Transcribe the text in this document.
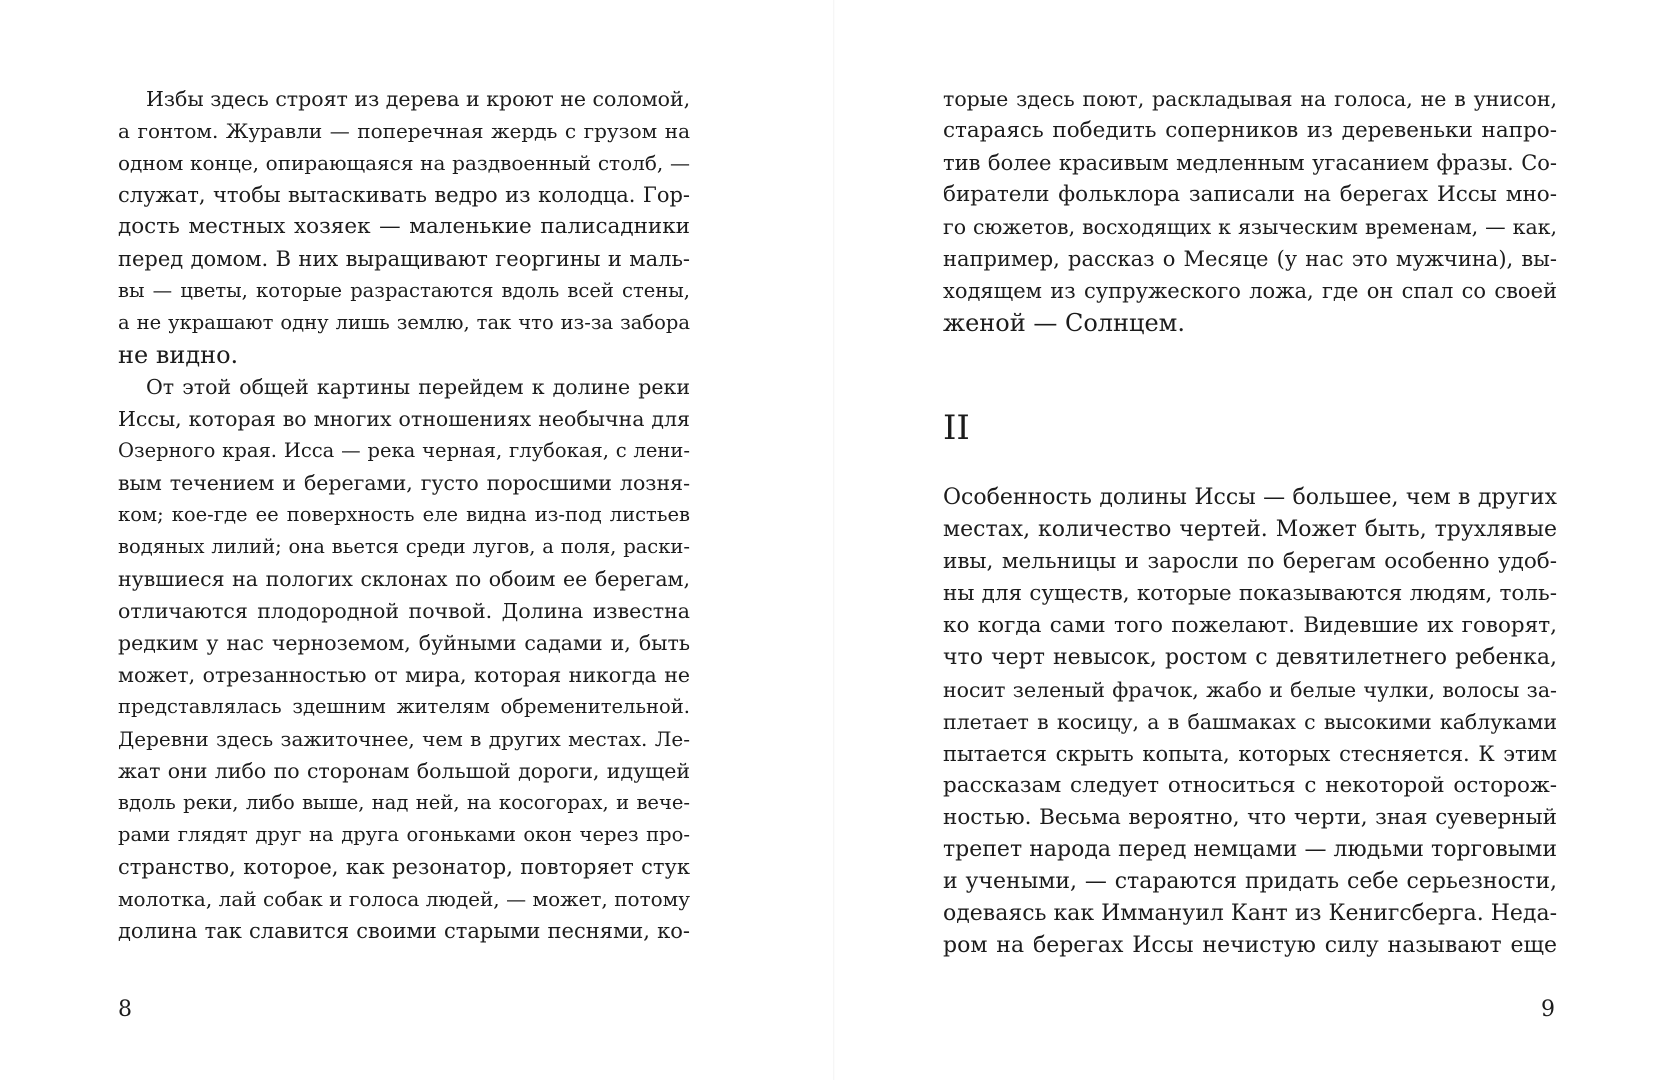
Избы здесь строят из дерева и кроют не соломой,
а гонтом. Журавли — поперечная жердь с грузом на
одном конце, опирающаяся на раздвоенный столб, —
служат, чтобы вытаскивать ведро из колодца. Гор-
дость местных хозяек — маленькие палисадники
перед домом. В них выращивают георгины и маль-
вы — цветы, которые разрастаются вдоль всей стены,
а не украшают одну лишь землю, так что из-за забора
не видно.
От этой общей картины перейдем к долине реки
Иссы, которая во многих отношениях необычна для
Озерного края. Исса — река черная, глубокая, с лени-
вым течением и берегами, густо поросшими лозня-
ком; кое-где ее поверхность еле видна из-под листьев
водяных лилий; она вьется среди лугов, а поля, раски-
нувшиеся на пологих склонах по обоим ее берегам,
отличаются плодородной почвой. Долина известна
редким у нас черноземом, буйными садами и, быть
может, отрезанностью от мира, которая никогда не
представлялась здешним жителям обременительной.
Деревни здесь зажиточнее, чем в других местах. Ле-
жат они либо по сторонам большой дороги, идущей
вдоль реки, либо выше, над ней, на косогорах, и вече-
рами глядят друг на друга огоньками окон через про-
странство, которое, как резонатор, повторяет стук
молотка, лай собак и голоса людей, — может, потому
долина так славится своими старыми песнями, ко-
8
торые здесь поют, раскладывая на голоса, не в унисон,
стараясь победить соперников из деревеньки напро-
тив более красивым медленным угасанием фразы. Со-
биратели фольклора записали на берегах Иссы мно-
го сюжетов, восходящих к языческим временам, — как,
например, рассказ о Месяце (у нас это мужчина), вы-
ходящем из супружеского ложа, где он спал со своей
женой — Солнцем.
II
Особенность долины Иссы — большее, чем в других
местах, количество чертей. Может быть, трухлявые
ивы, мельницы и заросли по берегам особенно удоб-
ны для существ, которые показываются людям, толь-
ко когда сами того пожелают. Видевшие их говорят,
что черт невысок, ростом с девятилетнего ребенка,
носит зеленый фрачок, жабо и белые чулки, волосы за-
плетает в косицу, а в башмаках с высокими каблуками
пытается скрыть копыта, которых стесняется. К этим
рассказам следует относиться с некоторой осторож-
ностью. Весьма вероятно, что черти, зная суеверный
трепет народа перед немцами — людьми торговыми
и учеными, — стараются придать себе серьезности,
одеваясь как Иммануил Кант из Кенигсберга. Неда-
ром на берегах Иссы нечистую силу называют еще
9
